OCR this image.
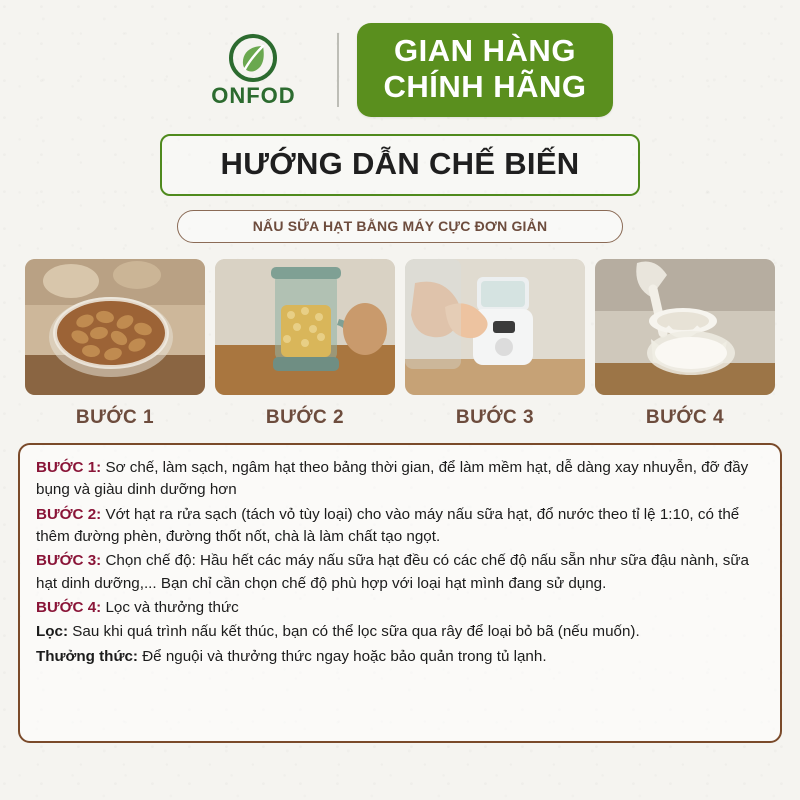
ONFOD
GIAN HÀNG
CHÍNH HÃNG
HƯỚNG DẪN CHẾ BIẾN
NẤU SỮA HẠT BẰNG MÁY CỰC ĐƠN GIẢN
BƯỚC 1	BƯỚC 2	BƯỚC 3	BƯỚC 4

BƯỚC 1: Sơ chế, làm sạch, ngâm hạt theo bảng thời gian, để làm mềm hạt, dễ dàng xay nhuyễn, đỡ đầy bụng và giàu dinh dưỡng hơn

BƯỚC 2: Vớt hạt ra rửa sạch (tách vỏ tùy loại) cho vào máy nấu sữa hạt, đổ nước theo tỉ lệ 1:10, có thể thêm đường phèn, đường thốt nốt, chà là làm chất tạo ngọt.

BƯỚC 3: Chọn chế độ: Hầu hết các máy nấu sữa hạt đều có các chế độ nấu sẵn như sữa đậu nành, sữa hạt dinh dưỡng,... Bạn chỉ cần chọn chế độ phù hợp với loại hạt mình đang sử dụng.

BƯỚC 4: Lọc và thưởng thức

Lọc: Sau khi quá trình nấu kết thúc, bạn có thể lọc sữa qua rây để loại bỏ bã (nếu muốn).

Thưởng thức: Để nguội và thưởng thức ngay hoặc bảo quản trong tủ lạnh.
